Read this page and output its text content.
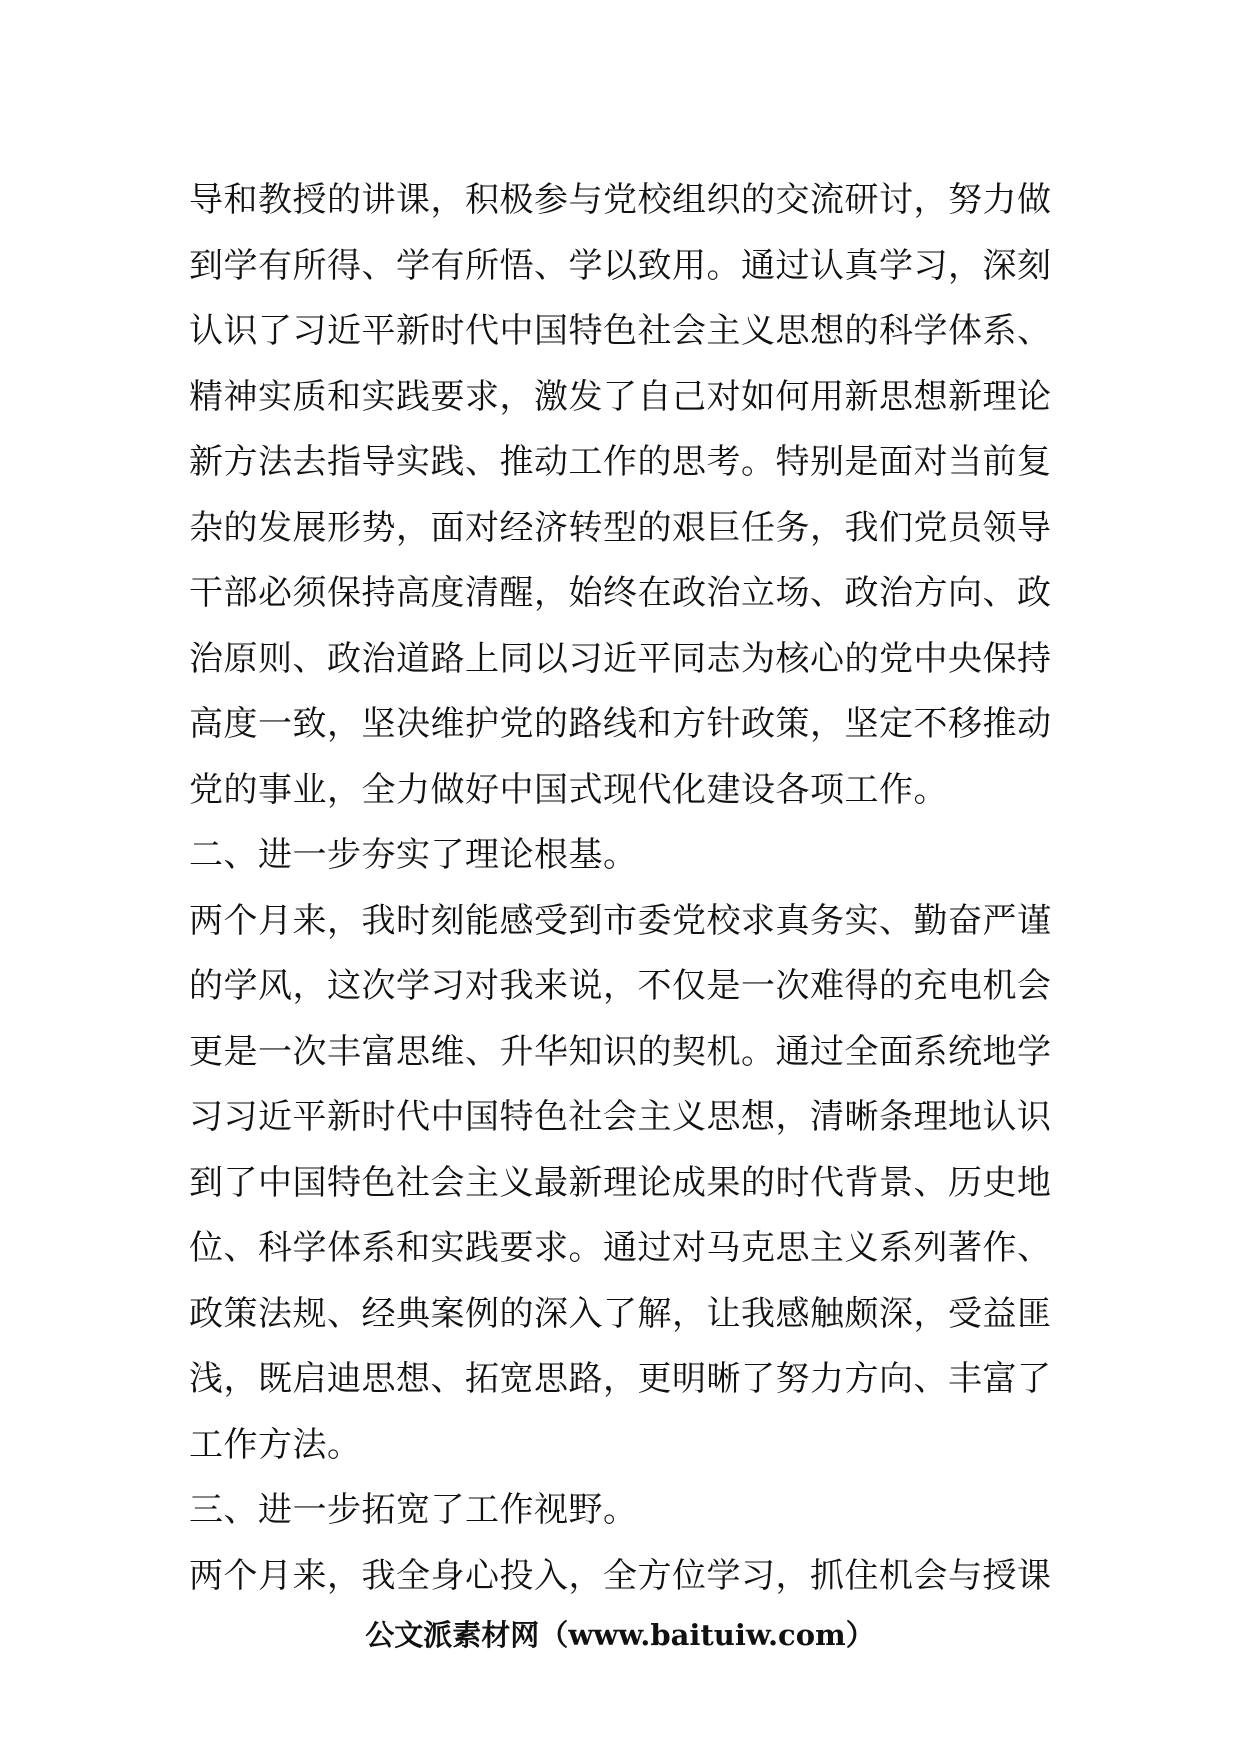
导和教授的讲课，积极参与党校组织的交流研讨，努力做
到学有所得、学有所悟、学以致用。通过认真学习，深刻
认识了习近平新时代中国特色社会主义思想的科学体系、
精神实质和实践要求，激发了自己对如何用新思想新理论
新方法去指导实践、推动工作的思考。特别是面对当前复
杂的发展形势，面对经济转型的艰巨任务，我们党员领导
干部必须保持高度清醒，始终在政治立场、政治方向、政
治原则、政治道路上同以习近平同志为核心的党中央保持
高度一致，坚决维护党的路线和方针政策，坚定不移推动
党的事业，全力做好中国式现代化建设各项工作。
二、进一步夯实了理论根基。
两个月来，我时刻能感受到市委党校求真务实、勤奋严谨
的学风，这次学习对我来说，不仅是一次难得的充电机会
更是一次丰富思维、升华知识的契机。通过全面系统地学
习习近平新时代中国特色社会主义思想，清晰条理地认识
到了中国特色社会主义最新理论成果的时代背景、历史地
位、科学体系和实践要求。通过对马克思主义系列著作、
政策法规、经典案例的深入了解，让我感触颇深，受益匪
浅，既启迪思想、拓宽思路，更明晰了努力方向、丰富了
工作方法。
三、进一步拓宽了工作视野。
两个月来，我全身心投入，全方位学习，抓住机会与授课
公文派素材网（www.baituiw.com）
